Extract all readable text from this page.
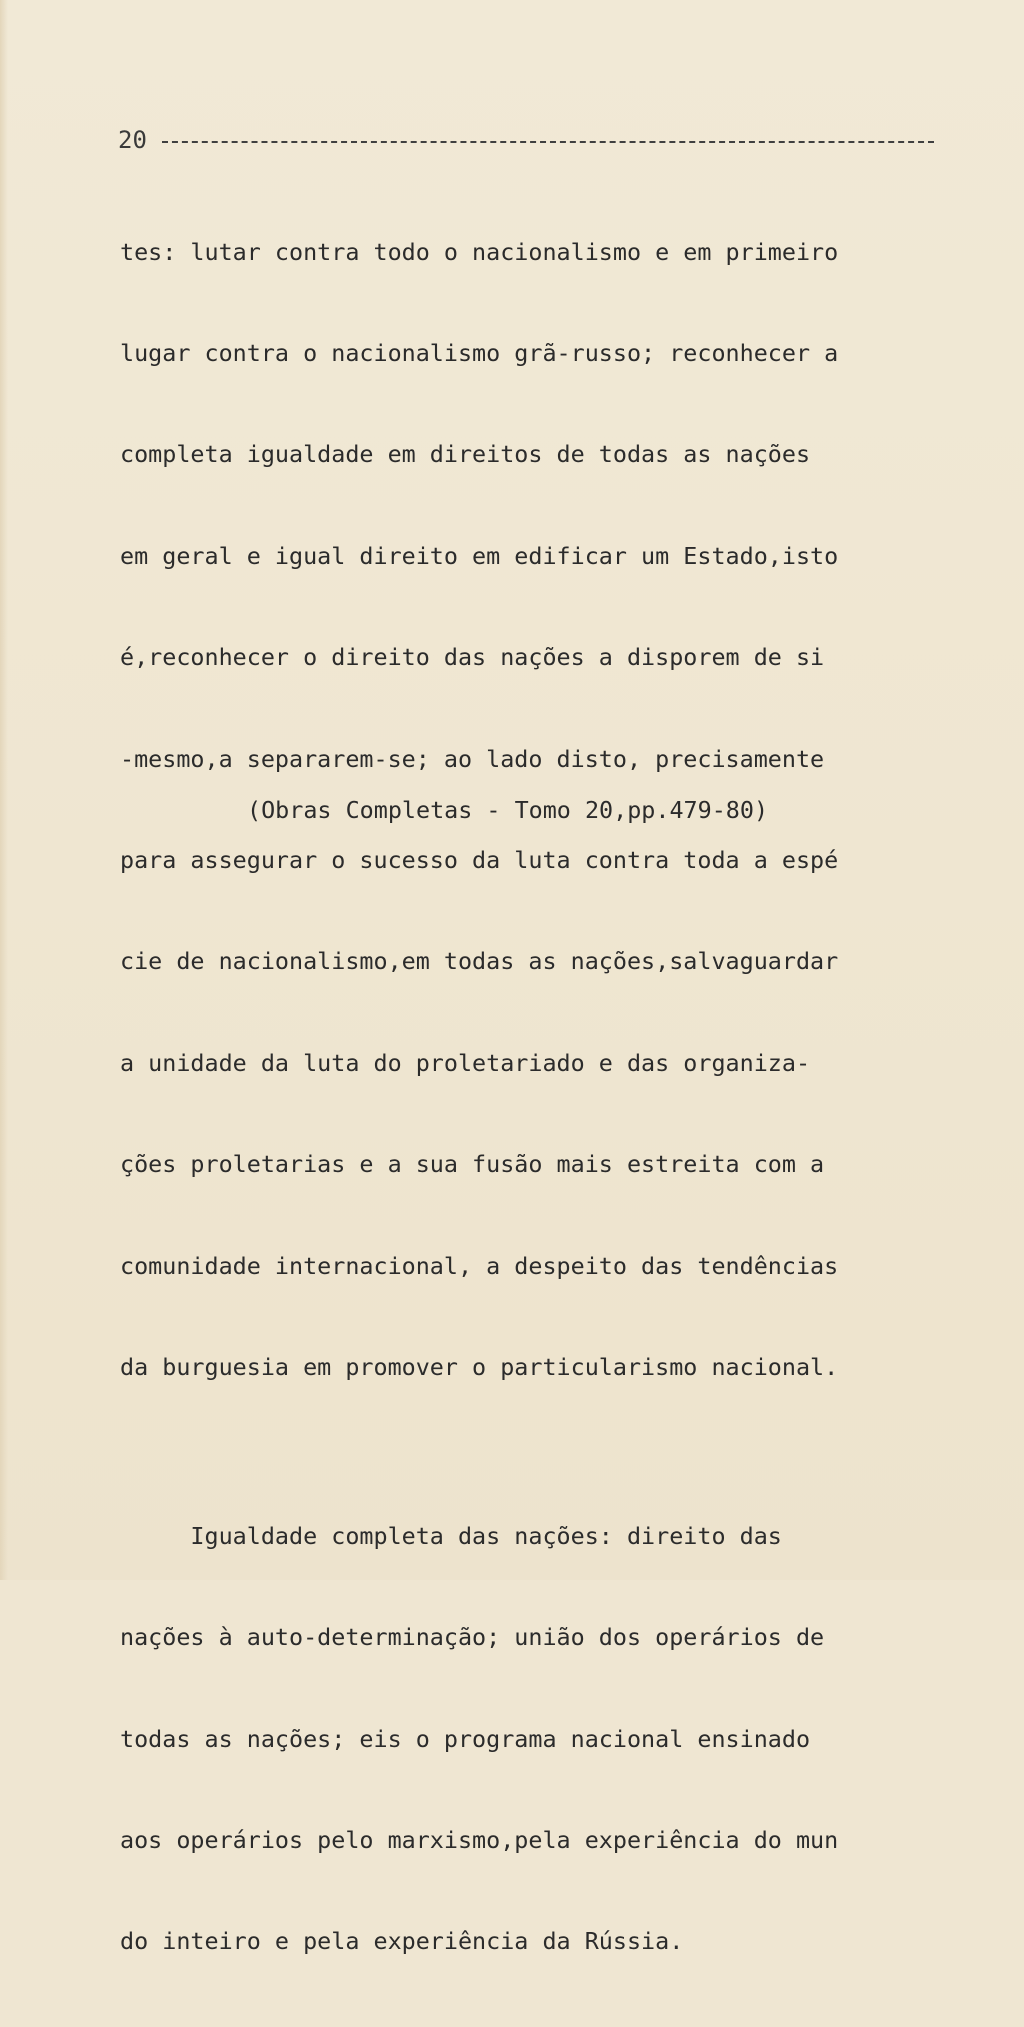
20

tes: lutar contra todo o nacionalismo e em primeiro

lugar contra o nacionalismo grã-russo; reconhecer a

completa igualdade em direitos de todas as nações

em geral e igual direito em edificar um Estado,isto

é,reconhecer o direito das nações a disporem de si

-mesmo,a separarem-se; ao lado disto, precisamente

para assegurar o sucesso da luta contra toda a espé

cie de nacionalismo,em todas as nações,salvaguardar

a unidade da luta do proletariado e das organiza-

ções proletarias e a sua fusão mais estreita com a

comunidade internacional, a despeito das tendências

da burguesia em promover o particularismo nacional.

Igualdade completa das nações: direito das

nações à auto-determinação; união dos operários de

todas as nações; eis o programa nacional ensinado

aos operários pelo marxismo,pela experiência do mun

do inteiro e pela experiência da Rússia.

(Obras Completas - Tomo 20,pp.479-80)
